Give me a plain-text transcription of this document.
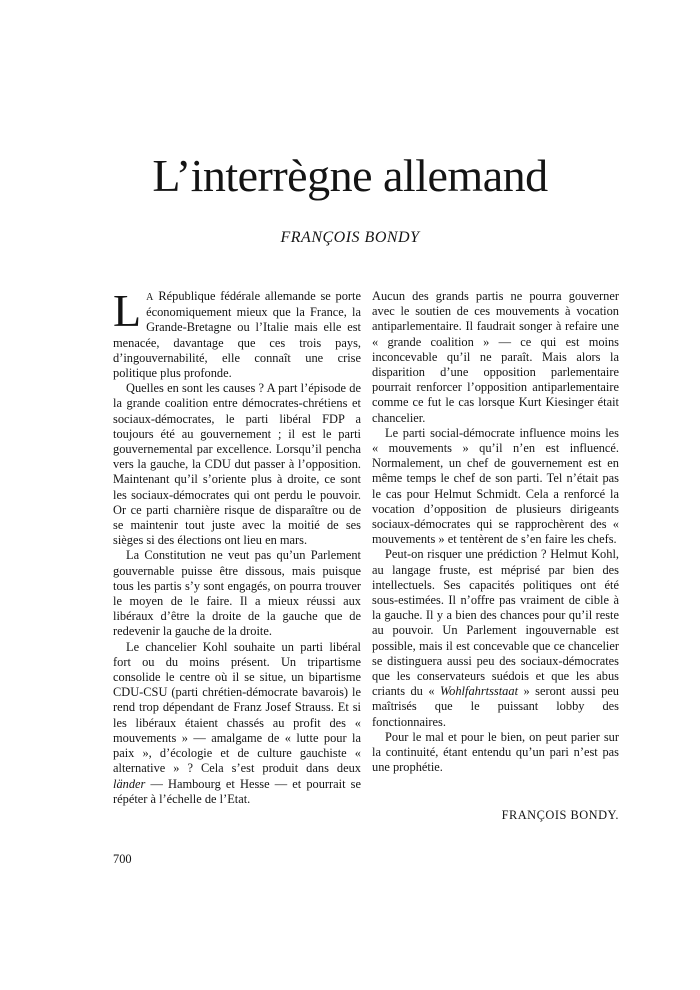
L’interrègne allemand
FRANÇOIS BONDY

L A République fédérale allemande se porte économiquement mieux que la France, la Grande-Bretagne ou l’Italie mais elle est menacée, davantage que ces trois pays, d’ingouvernabilité, elle connaît une crise politique plus profonde.

Quelles en sont les causes ? A part l’épisode de la grande coalition entre démocrates-chrétiens et sociaux-démocrates, le parti libéral FDP a toujours été au gouvernement ; il est le parti gouvernemental par excellence. Lorsqu’il pencha vers la gauche, la CDU dut passer à l’opposition. Maintenant qu’il s’oriente plus à droite, ce sont les sociaux-démocrates qui ont perdu le pouvoir. Or ce parti charnière risque de disparaître ou de se maintenir tout juste avec la moitié de ses sièges si des élections ont lieu en mars.

La Constitution ne veut pas qu’un Parlement gouvernable puisse être dissous, mais puisque tous les partis s’y sont engagés, on pourra trouver le moyen de le faire. Il a mieux réussi aux libéraux d’être la droite de la gauche que de redevenir la gauche de la droite.

Le chancelier Kohl souhaite un parti libéral fort ou du moins présent. Un tripartisme consolide le centre où il se situe, un bipartisme CDU-CSU (parti chrétien-démocrate bavarois) le rend trop dépendant de Franz Josef Strauss. Et si les libéraux étaient chassés au profit des « mouvements » — amalgame de « lutte pour la paix », d’écologie et de culture gauchiste « alternative » ? Cela s’est produit dans deux länder — Hambourg et Hesse — et pourrait se répéter à l’échelle de l’Etat.

Aucun des grands partis ne pourra gouverner avec le soutien de ces mouvements à vocation antiparlementaire. Il faudrait songer à refaire une « grande coalition » — ce qui est moins inconcevable qu’il ne paraît. Mais alors la disparition d’une opposition parlementaire pourrait renforcer l’opposition antiparlementaire comme ce fut le cas lorsque Kurt Kiesinger était chancelier.

Le parti social-démocrate influence moins les « mouvements » qu’il n’en est influencé. Normalement, un chef de gouvernement est en même temps le chef de son parti. Tel n’était pas le cas pour Helmut Schmidt. Cela a renforcé la vocation d’opposition de plusieurs dirigeants sociaux-démocrates qui se rapprochèrent des « mouvements » et tentèrent de s’en faire les chefs.

Peut-on risquer une prédiction ? Helmut Kohl, au langage fruste, est méprisé par bien des intellectuels. Ses capacités politiques ont été sous-estimées. Il n’offre pas vraiment de cible à la gauche. Il y a bien des chances pour qu’il reste au pouvoir. Un Parlement ingouvernable est possible, mais il est concevable que ce chancelier se distinguera aussi peu des sociaux-démocrates que les conservateurs suédois et que les abus criants du « Wohlfahrtsstaat » seront aussi peu maîtrisés que le puissant lobby des fonctionnaires.

Pour le mal et pour le bien, on peut parier sur la continuité, étant entendu qu’un pari n’est pas une prophétie.

FRANÇOIS BONDY.

700
